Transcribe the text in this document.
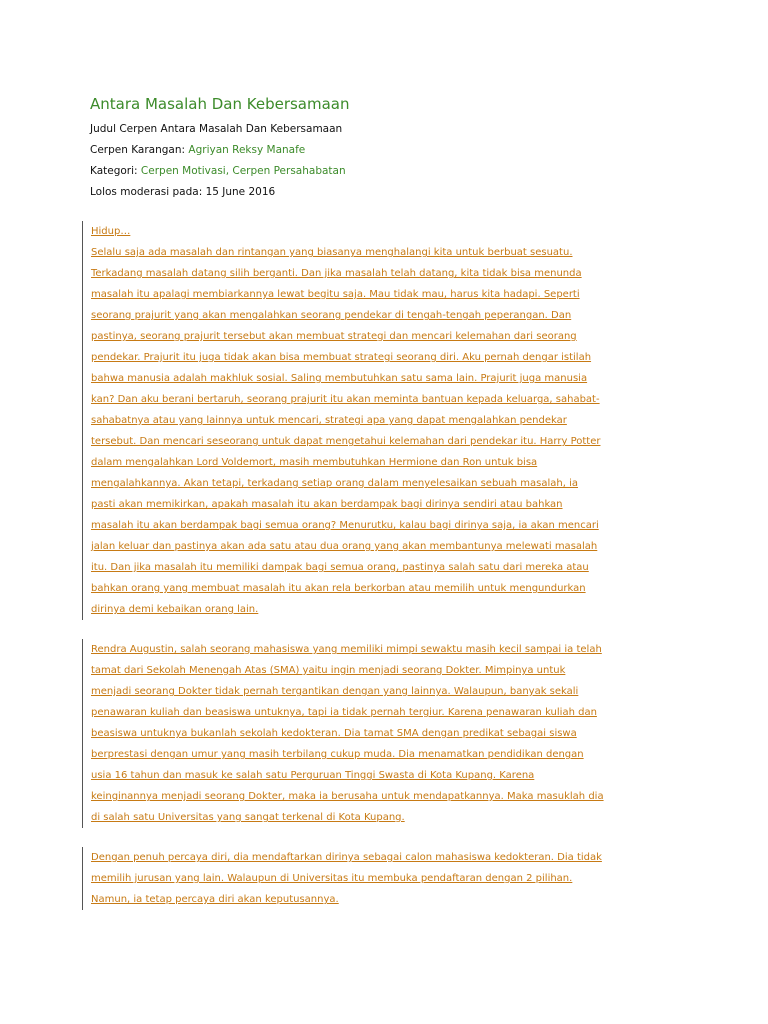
Antara Masalah Dan Kebersamaan
Judul Cerpen Antara Masalah Dan Kebersamaan
Cerpen Karangan: Agriyan Reksy Manafe
Kategori: Cerpen Motivasi, Cerpen Persahabatan
Lolos moderasi pada: 15 June 2016
Hidup…
Selalu saja ada masalah dan rintangan yang biasanya menghalangi kita untuk berbuat sesuatu.
Terkadang masalah datang silih berganti. Dan jika masalah telah datang, kita tidak bisa menunda
masalah itu apalagi membiarkannya lewat begitu saja. Mau tidak mau, harus kita hadapi. Seperti
seorang prajurit yang akan mengalahkan seorang pendekar di tengah-tengah peperangan. Dan
pastinya, seorang prajurit tersebut akan membuat strategi dan mencari kelemahan dari seorang
pendekar. Prajurit itu juga tidak akan bisa membuat strategi seorang diri. Aku pernah dengar istilah
bahwa manusia adalah makhluk sosial. Saling membutuhkan satu sama lain. Prajurit juga manusia
kan? Dan aku berani bertaruh, seorang prajurit itu akan meminta bantuan kepada keluarga, sahabat-
sahabatnya atau yang lainnya untuk mencari, strategi apa yang dapat mengalahkan pendekar
tersebut. Dan mencari seseorang untuk dapat mengetahui kelemahan dari pendekar itu. Harry Potter
dalam mengalahkan Lord Voldemort, masih membutuhkan Hermione dan Ron untuk bisa
mengalahkannya. Akan tetapi, terkadang setiap orang dalam menyelesaikan sebuah masalah, ia
pasti akan memikirkan, apakah masalah itu akan berdampak bagi dirinya sendiri atau bahkan
masalah itu akan berdampak bagi semua orang? Menurutku, kalau bagi dirinya saja, ia akan mencari
jalan keluar dan pastinya akan ada satu atau dua orang yang akan membantunya melewati masalah
itu. Dan jika masalah itu memiliki dampak bagi semua orang, pastinya salah satu dari mereka atau
bahkan orang yang membuat masalah itu akan rela berkorban atau memilih untuk mengundurkan
dirinya demi kebaikan orang lain.
Rendra Augustin, salah seorang mahasiswa yang memiliki mimpi sewaktu masih kecil sampai ia telah
tamat dari Sekolah Menengah Atas (SMA) yaitu ingin menjadi seorang Dokter. Mimpinya untuk
menjadi seorang Dokter tidak pernah tergantikan dengan yang lainnya. Walaupun, banyak sekali
penawaran kuliah dan beasiswa untuknya, tapi ia tidak pernah tergiur. Karena penawaran kuliah dan
beasiswa untuknya bukanlah sekolah kedokteran. Dia tamat SMA dengan predikat sebagai siswa
berprestasi dengan umur yang masih terbilang cukup muda. Dia menamatkan pendidikan dengan
usia 16 tahun dan masuk ke salah satu Perguruan Tinggi Swasta di Kota Kupang. Karena
keinginannya menjadi seorang Dokter, maka ia berusaha untuk mendapatkannya. Maka masuklah dia
di salah satu Universitas yang sangat terkenal di Kota Kupang.
Dengan penuh percaya diri, dia mendaftarkan dirinya sebagai calon mahasiswa kedokteran. Dia tidak
memilih jurusan yang lain. Walaupun di Universitas itu membuka pendaftaran dengan 2 pilihan.
Namun, ia tetap percaya diri akan keputusannya.
